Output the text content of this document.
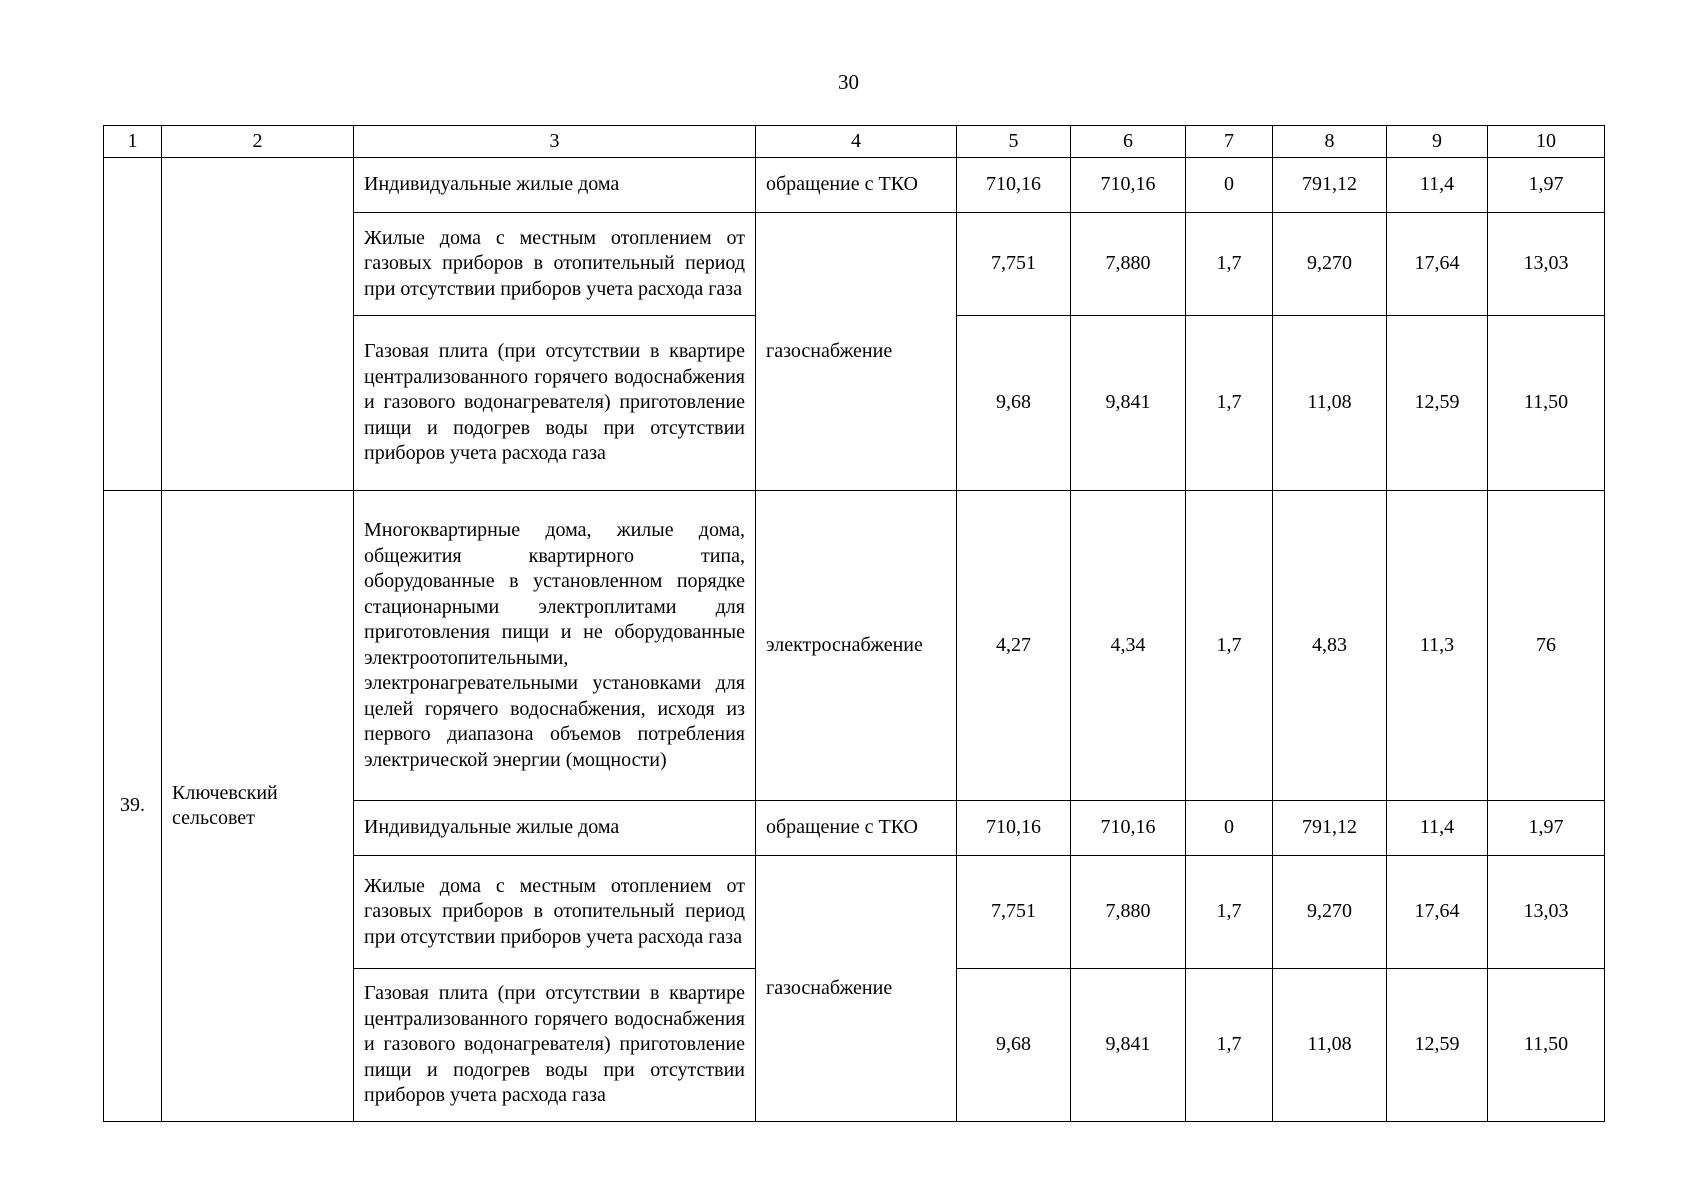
30
1	2	3	4	5	6	7	8	9	10
		Индивидуальные жилые дома	обращение с ТКО	710,16	710,16	0	791,12	11,4	1,97
		Жилые дома с местным отоплением от газовых приборов в отопительный период при отсутствии приборов учета расхода газа	газоснабжение	7,751	7,880	1,7	9,270	17,64	13,03
		Газовая плита (при отсутствии в квартире централизованного горячего водоснабжения и газового водонагревателя) приготовление пищи и подогрев воды при отсутствии приборов учета расхода газа		9,68	9,841	1,7	11,08	12,59	11,50
39.	Ключевский сельсовет	Многоквартирные дома, жилые дома, общежития квартирного типа, оборудованные в установленном порядке стационарными электроплитами для приготовления пищи и не оборудованные электроотопительными, электронагревательными установками для целей горячего водоснабжения, исходя из первого диапазона объемов потребления электрической энергии (мощности)	электроснабжение	4,27	4,34	1,7	4,83	11,3	76
		Индивидуальные жилые дома	обращение с ТКО	710,16	710,16	0	791,12	11,4	1,97
		Жилые дома с местным отоплением от газовых приборов в отопительный период при отсутствии приборов учета расхода газа	газоснабжение	7,751	7,880	1,7	9,270	17,64	13,03
		Газовая плита (при отсутствии в квартире централизованного горячего водоснабжения и газового водонагревателя) приготовление пищи и подогрев воды при отсутствии приборов учета расхода газа		9,68	9,841	1,7	11,08	12,59	11,50
